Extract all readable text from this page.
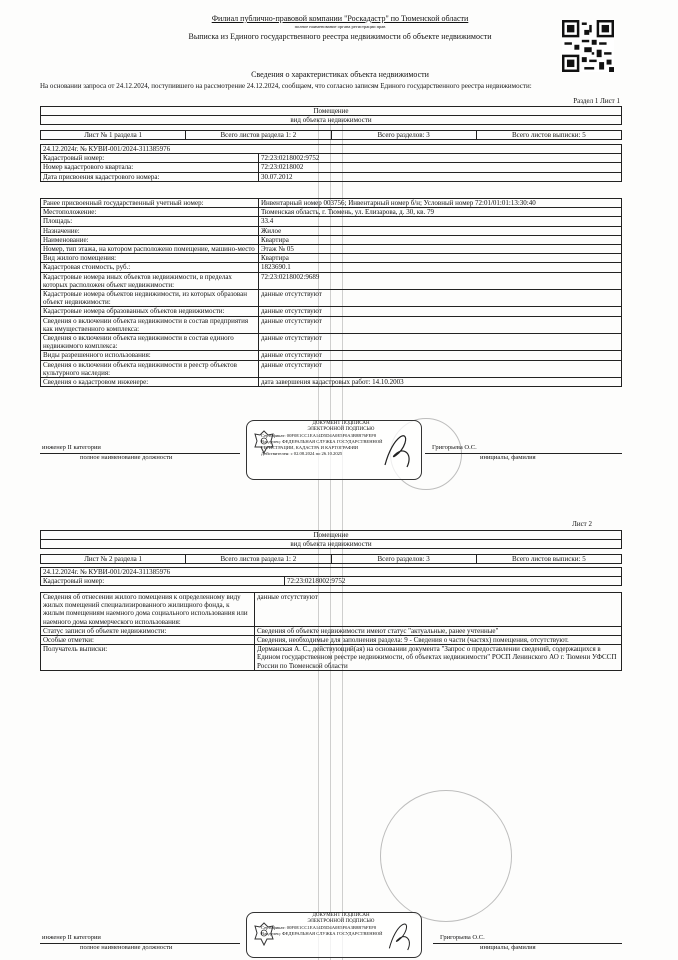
Филиал публично-правовой компании "Роскадастр" по Тюменской области
полное наименование органа регистрации прав
Выписка из Единого государственного реестра недвижимости об объекте недвижимости
Сведения о характеристиках объекта недвижимости
На основании запроса от 24.12.2024, поступившего на рассмотрение 24.12.2024, сообщаем, что согласно записям Единого государственного реестра недвижимости:
Раздел 1 Лист 1
Помещение
вид объекта недвижимости
Лист № 1 раздела 1	Всего листов раздела 1: 2	Всего разделов: 3	Всего листов выписки: 5
24.12.2024г. № КУВИ-001/2024-311385976	
Кадастровый номер:	72:23:0218002:9752
Номер кадастрового квартала:	72:23:0218002
Дата присвоения кадастрового номера:	30.07.2012
Ранее присвоенный государственный учетный номер:	Инвентарный номер 003756; Инвентарный номер б/н; Условный номер 72:01/01:01:13:30:40
Местоположение:	Тюменская область, г. Тюмень, ул. Елизарова, д. 30, кв. 79
Площадь:	33.4
Назначение:	Жилое
Наименование:	Квартира
Номер, тип этажа, на котором расположено помещение, машино-место	Этаж № 05
Вид жилого помещения:	Квартира
Кадастровая стоимость, руб.:	1823690.1
Кадастровые номера иных объектов недвижимости, в пределах которых расположен объект недвижимости:	72:23:0218002:9689
Кадастровые номера объектов недвижимости, из которых образован объект недвижимости:	данные отсутствуют
Кадастровые номера образованных объектов недвижимости:	данные отсутствуют
Сведения о включении объекта недвижимости в состав предприятия как имущественного комплекса:	данные отсутствуют
Сведения о включении объекта недвижимости в состав единого недвижимого комплекса:	данные отсутствуют
Виды разрешенного использования:	данные отсутствуют
Сведения о включении объекта недвижимости в реестр объектов культурного наследия:	данные отсутствуют
Сведения о кадастровом инженере:	дата завершения кадастровых работ: 14.10.2003
инженер II категории
полное наименование должности
Григорьева О.С.
инициалы, фамилия
ДОКУМЕНТ ПОДПИСАН
ЭЛЕКТРОННОЙ ПОДПИСЬЮ
Сертификат: 00F0E1CC1EA14D5D4A0E5F0A3B8B76FEF8
Владелец: ФЕДЕРАЛЬНАЯ СЛУЖБА ГОСУДАРСТВЕННОЙ
РЕГИСТРАЦИИ, КАДАСТРА И КАРТОГРАФИИ
Действителен: с 02.08.2024 по 26.10.2025
Лист 2
Помещение
вид объекта недвижимости
Лист № 2 раздела 1	Всего листов раздела 1: 2	Всего разделов: 3	Всего листов выписки: 5
24.12.2024г. № КУВИ-001/2024-311385976
Кадастровый номер:	72:23:0218002:9752
Сведения об отнесении жилого помещения к определенному виду жилых помещений специализированного жилищного фонда, к жилым помещениям наемного дома социального использования или наемного дома коммерческого использования:	данные отсутствуют
Статус записи об объекте недвижимости:	Сведения об объекте недвижимости имеют статус "актуальные, ранее учтенные"
Особые отметки:	Сведения, необходимые для заполнения раздела: 9 - Сведения о части (частях) помещения, отсутствуют.
Получатель выписки:	Дерманская А. С., действующий(ая) на основании документа "Запрос о предоставлении сведений, содержащихся в Едином государственном реестре недвижимости, об объектах недвижимости" РОСП Ленинского АО г. Тюмени УФССП России по Тюменской области
инженер II категории
полное наименование должности
Григорьева О.С.
инициалы, фамилия
ДОКУМЕНТ ПОДПИСАН
ЭЛЕКТРОННОЙ ПОДПИСЬЮ
Сертификат: 00F0E1CC1EA14D5D4A0E5F0A3B8B76FEF8
Владелец: ФЕДЕРАЛЬНАЯ СЛУЖБА ГОСУДАРСТВЕННОЙ
